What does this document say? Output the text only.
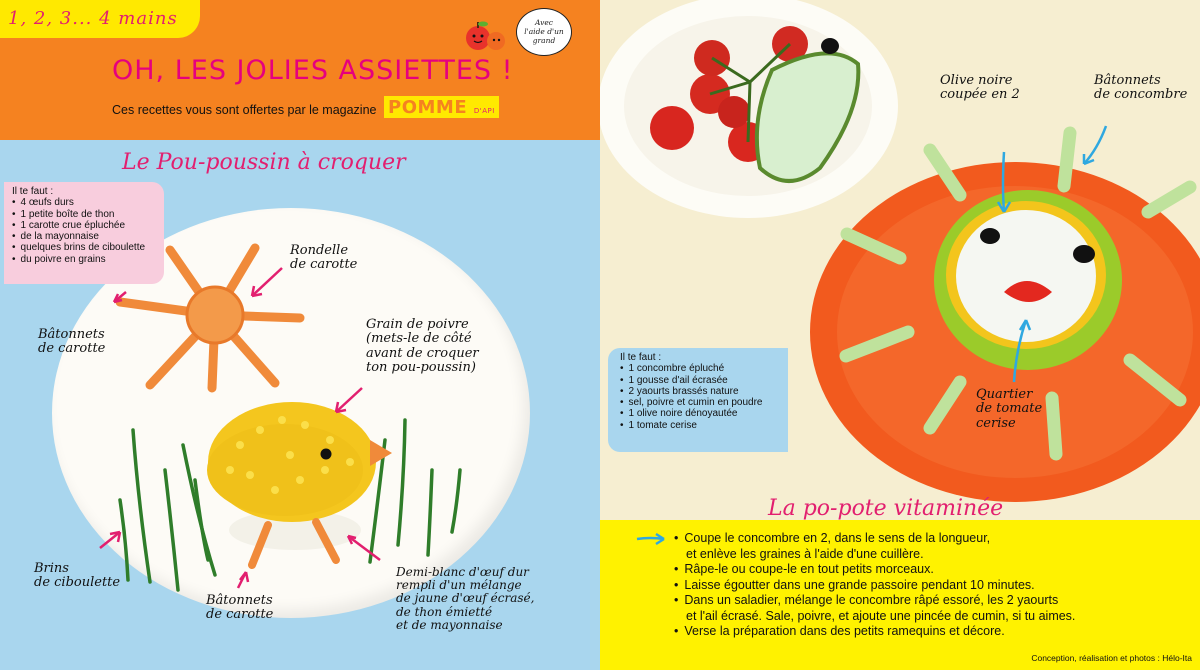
1, 2, 3... 4 mains	Avec
l'aide d'un
grand
OH, LES JOLIES ASSIETTES !
Ces recettes vous sont offertes par le magazine POMME D'API
Le Pou-poussin à croquer
Il te faut :
• 4 œufs durs
• 1 petite boîte de thon
• 1 carotte crue épluchée
• de la mayonnaise
• quelques brins de ciboulette
• du poivre en grains
Rondelle
de carotte
Bâtonnets
de carotte
Grain de poivre
(mets-le de côté
avant de croquer
ton pou-poussin)
Brins
de ciboulette
Bâtonnets
de carotte
Demi-blanc d'œuf dur
rempli d'un mélange
de jaune d'œuf écrasé,
de thon émietté
et de mayonnaise
Olive noire
coupée en 2
Bâtonnets
de concombre
Quartier
de tomate
cerise
Il te faut :
• 1 concombre épluché
• 1 gousse d'ail écrasée
• 2 yaourts brassés nature
• sel, poivre et cumin en poudre
• 1 olive noire dénoyautée
• 1 tomate cerise
• Coupe le concombre en 2, dans le sens de la longueur,
et enlève les graines à l'aide d'une cuillère.
• Râpe-le ou coupe-le en tout petits morceaux.
• Laisse égoutter dans une grande passoire pendant 10 minutes.
• Dans un saladier, mélange le concombre râpé essoré, les 2 yaourts
et l'ail écrasé. Sale, poivre, et ajoute une pincée de cumin, si tu aimes.
• Verse la préparation dans des petits ramequins et décore.
Conception, réalisation et photos : Hélo-Ita
La po-pote vitaminée
